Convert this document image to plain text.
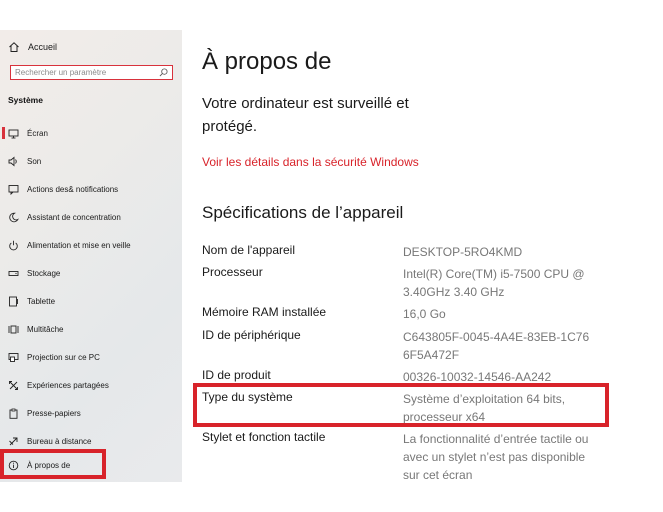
Accueil
Rechercher un paramètre
Système
Écran
Son
Actions des& notifications
Assistant de concentration
Alimentation et mise en veille
Stockage
Tablette
Multitâche
Projection sur ce PC
Expériences partagées
Presse-papiers
Bureau à distance
À propos de
À propos de
Votre ordinateur est surveillé et protégé.
Voir les détails dans la sécurité Windows
Spécifications de l’appareil
Nom de l'appareil	DESKTOP-5RO4KMD
Processeur	Intel(R) Core(TM) i5-7500 CPU @ 3.40GHz 3.40 GHz
Mémoire RAM installée	16,0 Go
ID de périphérique	C643805F-0045-4A4E-83EB-1C766F5A472F
ID de produit	00326-10032-14546-AA242
Type du système	Système d’exploitation 64 bits, processeur x64
Stylet et fonction tactile	La fonctionnalité d’entrée tactile ou avec un stylet n’est pas disponible sur cet écran
